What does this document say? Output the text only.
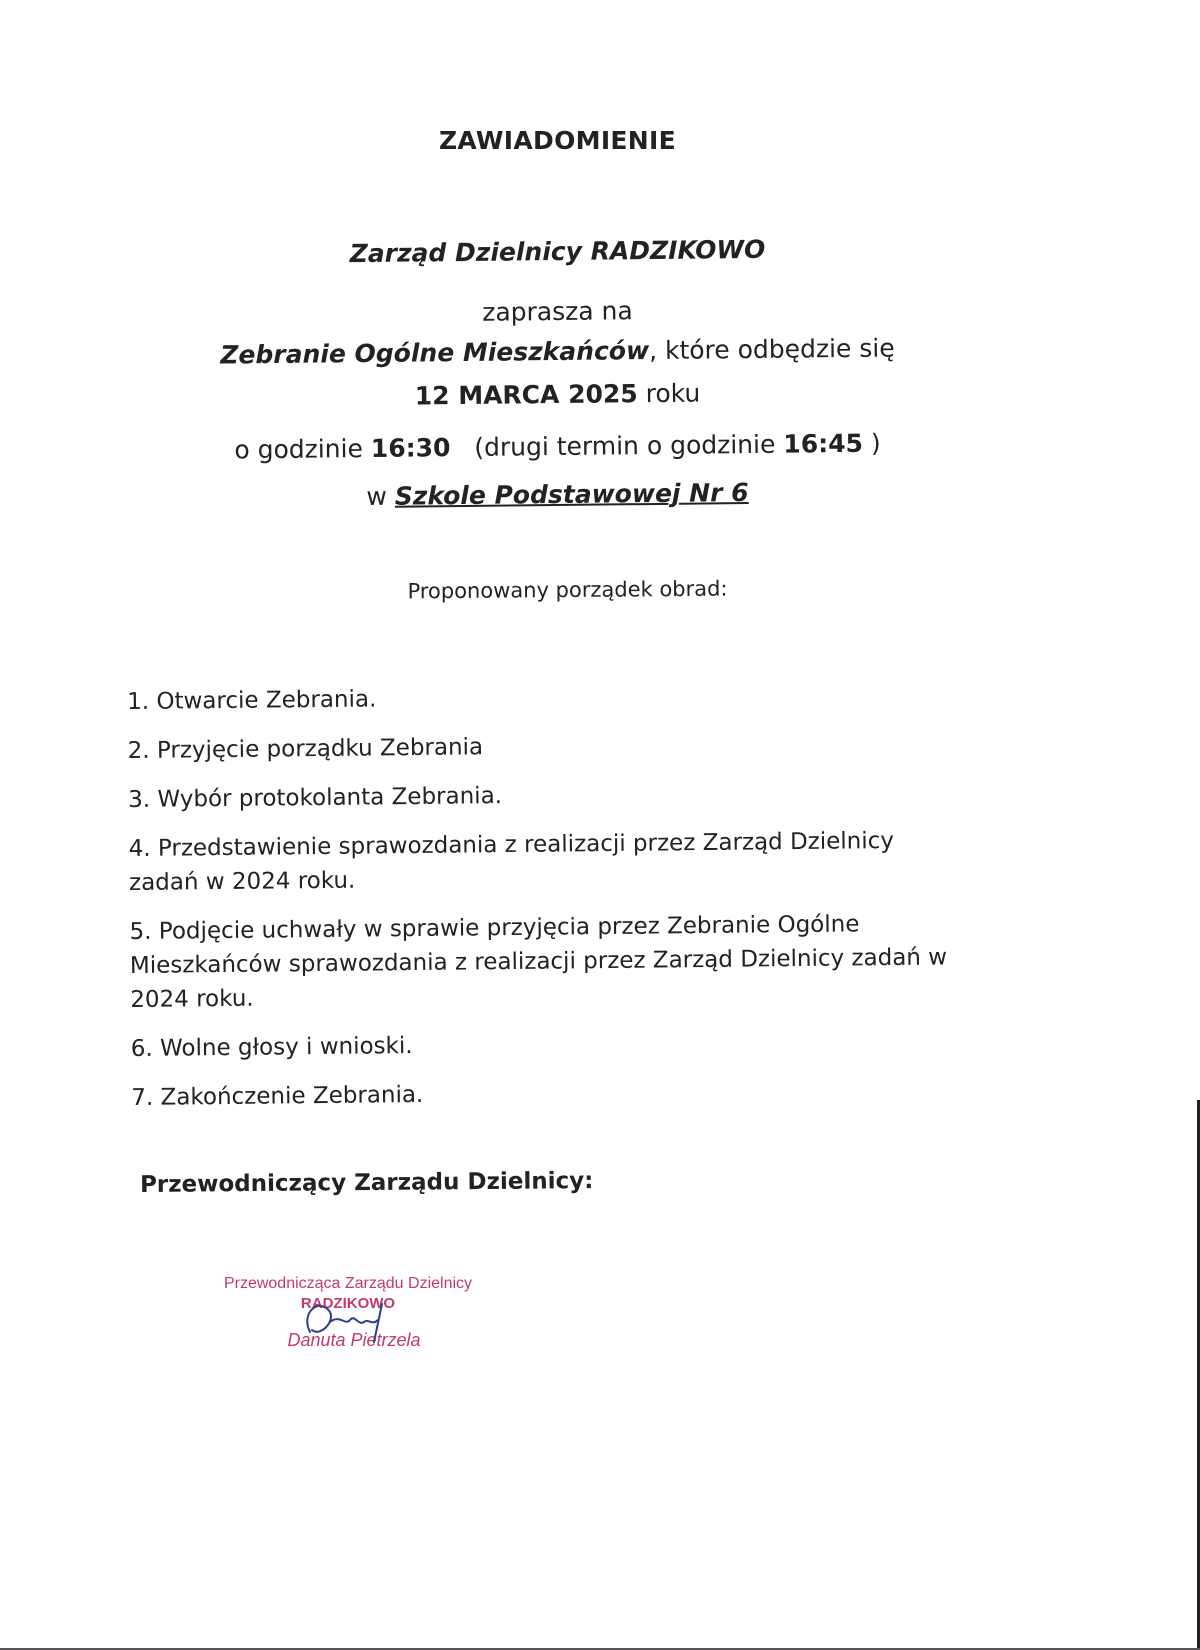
ZAWIADOMIENIE
Zarząd Dzielnicy RADZIKOWO
zaprasza na
Zebranie Ogólne Mieszkańców, które odbędzie się
12 MARCA 2025 roku
o godzinie 16:30 (drugi termin o godzinie 16:45 )
w Szkole Podstawowej Nr 6
Proponowany porządek obrad:
1. Otwarcie Zebrania.
2. Przyjęcie porządku Zebrania
3. Wybór protokolanta Zebrania.
4. Przedstawienie sprawozdania z realizacji przez Zarząd Dzielnicy zadań w 2024 roku.
5. Podjęcie uchwały w sprawie przyjęcia przez Zebranie Ogólne Mieszkańców sprawozdania z realizacji przez Zarząd Dzielnicy zadań w 2024 roku.
6. Wolne głosy i wnioski.
7. Zakończenie Zebrania.
Przewodniczący Zarządu Dzielnicy:
Przewodnicząca Zarządu Dzielnicy
RADZIKOWO
Danuta Pietrzela
